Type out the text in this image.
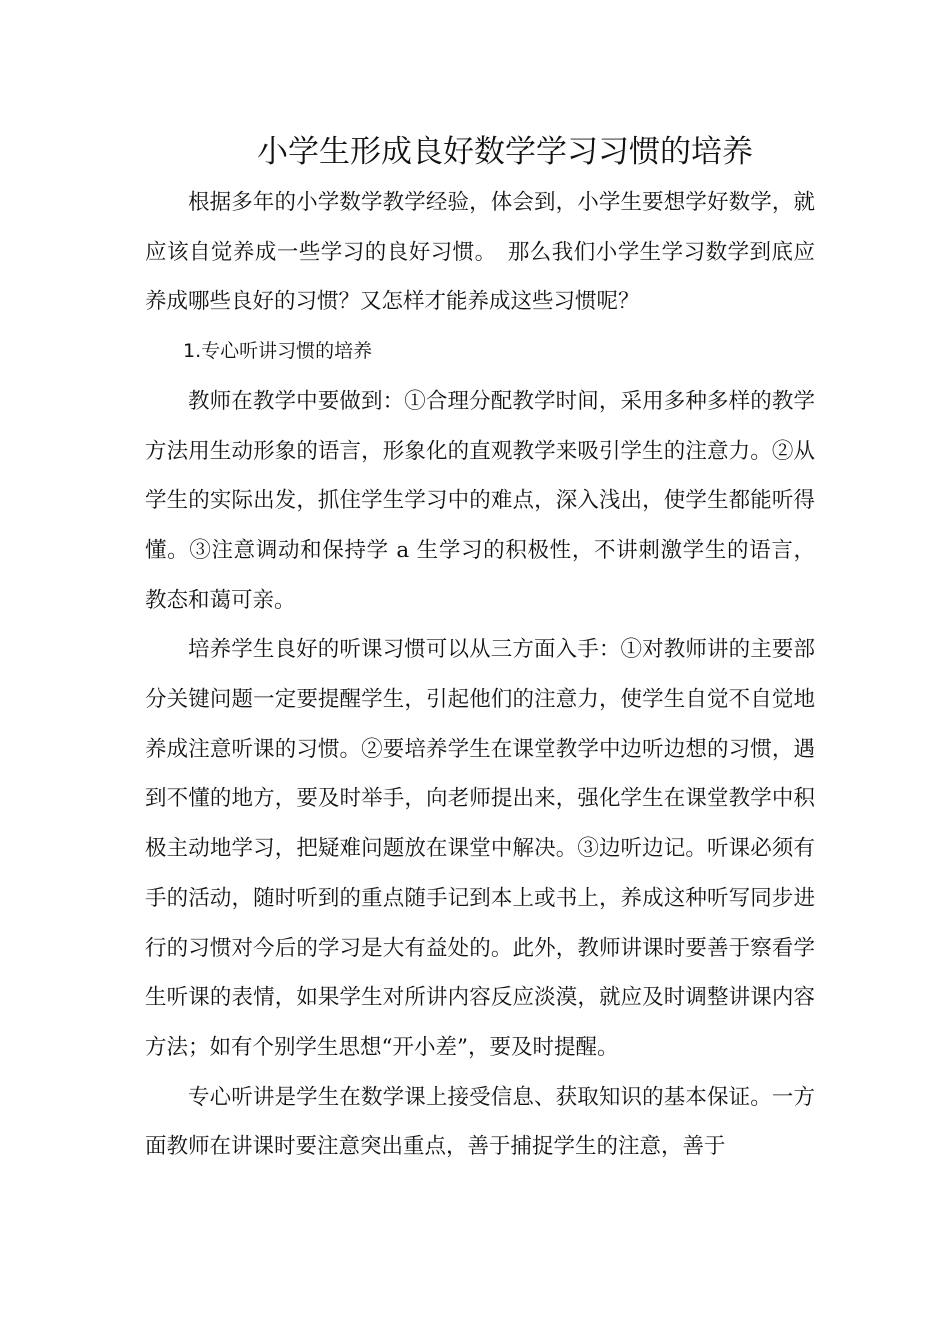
小学生形成良好数学学习习惯的培养

根据多年的小学数学教学经验，体会到，小学生要想学好数学，就应该自觉养成一些学习的良好习惯。　那么我们小学生学习数学到底应养成哪些良好的习惯？又怎样才能养成这些习惯呢？

1.专心听讲习惯的培养

教师在教学中要做到：①合理分配教学时间，采用多种多样的教学方法用生动形象的语言，形象化的直观教学来吸引学生的注意力。②从学生的实际出发，抓住学生学习中的难点，深入浅出，使学生都能听得懂。③注意调动和保持学 a 生学习的积极性，不讲刺激学生的语言，教态和蔼可亲。

培养学生良好的听课习惯可以从三方面入手：①对教师讲的主要部分关键问题一定要提醒学生，引起他们的注意力，使学生自觉不自觉地养成注意听课的习惯。②要培养学生在课堂教学中边听边想的习惯，遇到不懂的地方，要及时举手，向老师提出来，强化学生在课堂教学中积极主动地学习，把疑难问题放在课堂中解决。③边听边记。听课必须有手的活动，随时听到的重点随手记到本上或书上，养成这种听写同步进行的习惯对今后的学习是大有益处的。此外，教师讲课时要善于察看学生听课的表情，如果学生对所讲内容反应淡漠，就应及时调整讲课内容方法；如有个别学生思想“开小差”，要及时提醒。

专心听讲是学生在数学课上接受信息、获取知识的基本保证。一方面教师在讲课时要注意突出重点，善于捕捉学生的注意，善于
